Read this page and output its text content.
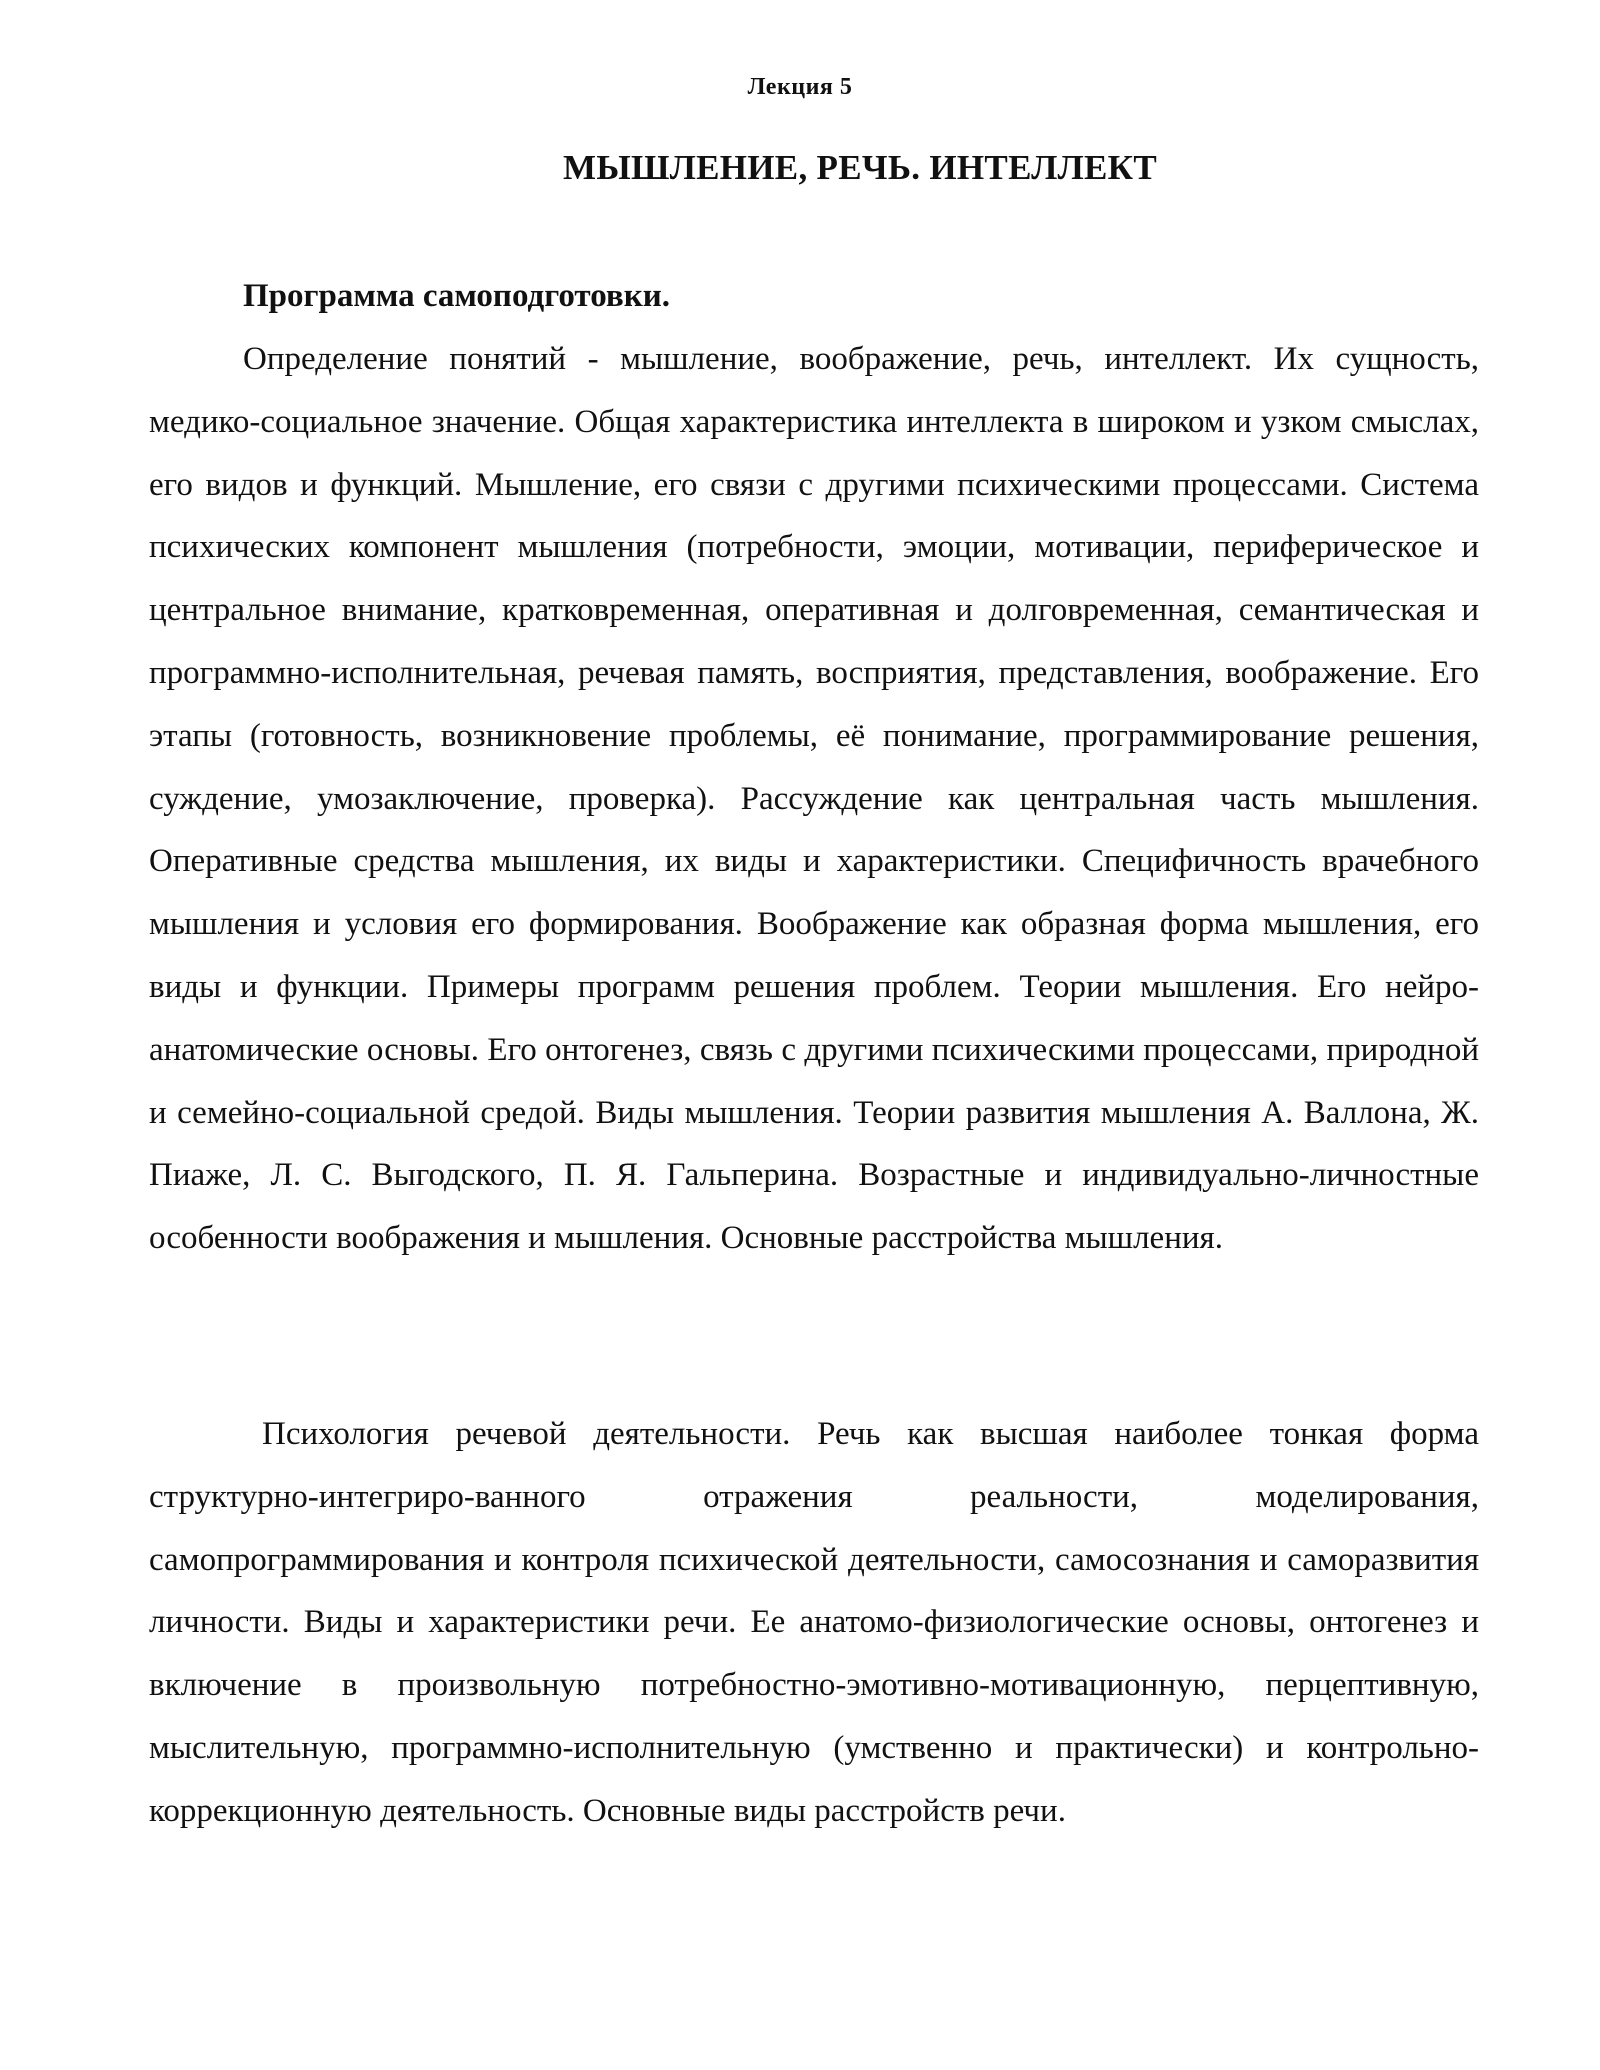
Лекция 5

МЫШЛЕНИЕ, РЕЧЬ. ИНТЕЛЛЕКТ
Программа самоподготовки.

Определение понятий - мышление, воображение, речь, интеллект. Их сущность, медико-социальное значение. Общая характеристика интеллекта в широком и узком смыслах, его видов и функций. Мышление, его связи с другими психическими процессами. Система психических компонент мышления (потребности, эмоции, мотивации, периферическое и центральное внимание, кратковременная, оперативная и долговременная, семантическая и программно-исполнительная, речевая память, восприятия, представления, воображение. Его этапы (готовность, возникновение проблемы, её понимание, программирование решения, суждение, умозаключение, проверка). Рассуждение как центральная часть мышления. Оперативные средства мышления, их виды и характеристики. Специфичность врачебного мышления и условия его формирования. Воображение как образная форма мышления, его виды и функции. Примеры программ решения проблем. Теории мышления. Его нейро-анатомические основы. Его онтогенез, связь с другими психическими процессами, природной и семейно-социальной средой. Виды мышления. Теории развития мышления А. Валлона, Ж. Пиаже, Л. С. Выгодского, П. Я. Гальперина. Возрастные и индивидуально-личностные особенности воображения и мышления. Основные расстройства мышления.

Психология речевой деятельности. Речь как высшая наиболее тонкая форма структурно-интегриро-ванного отражения реальности, моделирования, самопрограммирования и контроля психической деятельности, самосознания и саморазвития личности. Виды и характеристики речи. Ее анатомо-физиологические основы, онтогенез и включение в произвольную потребностно-эмотивно-мотивационную, перцептивную, мыслительную, программно-исполнительную (умственно и практически) и контрольно-коррекционную деятельность. Основные виды расстройств речи.
